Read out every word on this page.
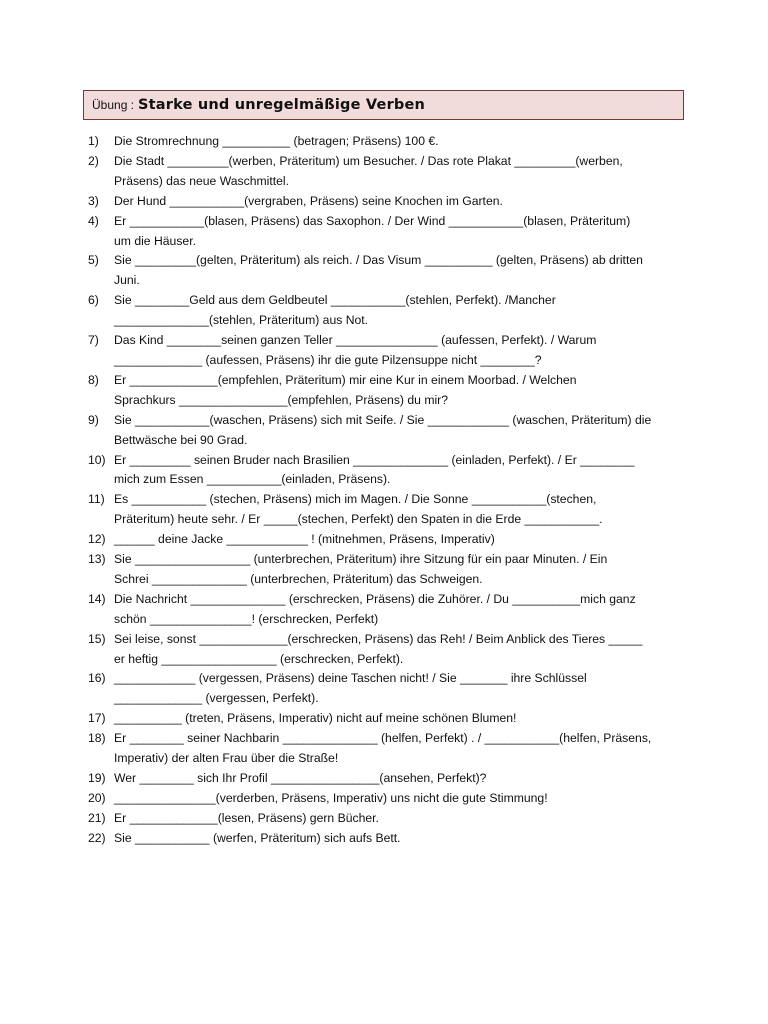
Übung : Starke und unregelmäßige Verben
1)	Die Stromrechnung __________ (betragen; Präsens) 100 €.
2)	Die Stadt _________(werben, Präteritum) um Besucher. / Das rote Plakat _________(werben,
Präsens) das neue Waschmittel.
3)	Der Hund ___________(vergraben, Präsens) seine Knochen im Garten.
4)	Er ___________(blasen, Präsens) das Saxophon. / Der Wind ___________(blasen, Präteritum)
um die Häuser.
5)	Sie _________(gelten, Präteritum) als reich. / Das Visum __________ (gelten, Präsens) ab dritten
Juni.
6)	Sie ________Geld aus dem Geldbeutel ___________(stehlen, Perfekt). /Mancher
______________(stehlen, Präteritum) aus Not.
7)	Das Kind ________seinen ganzen Teller _______________ (aufessen, Perfekt). / Warum
_____________ (aufessen, Präsens) ihr die gute Pilzensuppe nicht ________?
8)	Er _____________(empfehlen, Präteritum) mir eine Kur in einem Moorbad. / Welchen
Sprachkurs ________________(empfehlen, Präsens) du mir?
9)	Sie ___________(waschen, Präsens) sich mit Seife. / Sie ____________ (waschen, Präteritum) die
Bettwäsche bei 90 Grad.
10) Er _________ seinen Bruder nach Brasilien ______________ (einladen, Perfekt). / Er ________
mich zum Essen ___________(einladen, Präsens).
11) Es ___________ (stechen, Präsens) mich im Magen. / Die Sonne ___________(stechen,
Präteritum) heute sehr. / Er _____(stechen, Perfekt) den Spaten in die Erde ___________.
12) ______ deine Jacke ____________ ! (mitnehmen, Präsens, Imperativ)
13) Sie _________________ (unterbrechen, Präteritum) ihre Sitzung für ein paar Minuten. / Ein
Schrei ______________ (unterbrechen, Präteritum) das Schweigen.
14) Die Nachricht ______________ (erschrecken, Präsens) die Zuhörer. / Du __________mich ganz
schön _______________! (erschrecken, Perfekt)
15) Sei leise, sonst _____________(erschrecken, Präsens) das Reh! / Beim Anblick des Tieres _____
er heftig _________________ (erschrecken, Perfekt).
16) ____________ (vergessen, Präsens) deine Taschen nicht! / Sie _______ ihre Schlüssel
_____________ (vergessen, Perfekt).
17) __________ (treten, Präsens, Imperativ) nicht auf meine schönen Blumen!
18) Er ________ seiner Nachbarin ______________ (helfen, Perfekt) . / ___________(helfen, Präsens,
Imperativ) der alten Frau über die Straße!
19) Wer ________ sich Ihr Profil ________________(ansehen, Perfekt)?
20) _______________(verderben, Präsens, Imperativ) uns nicht die gute Stimmung!
21) Er _____________(lesen, Präsens) gern Bücher.
22) Sie ___________ (werfen, Präteritum) sich aufs Bett.
